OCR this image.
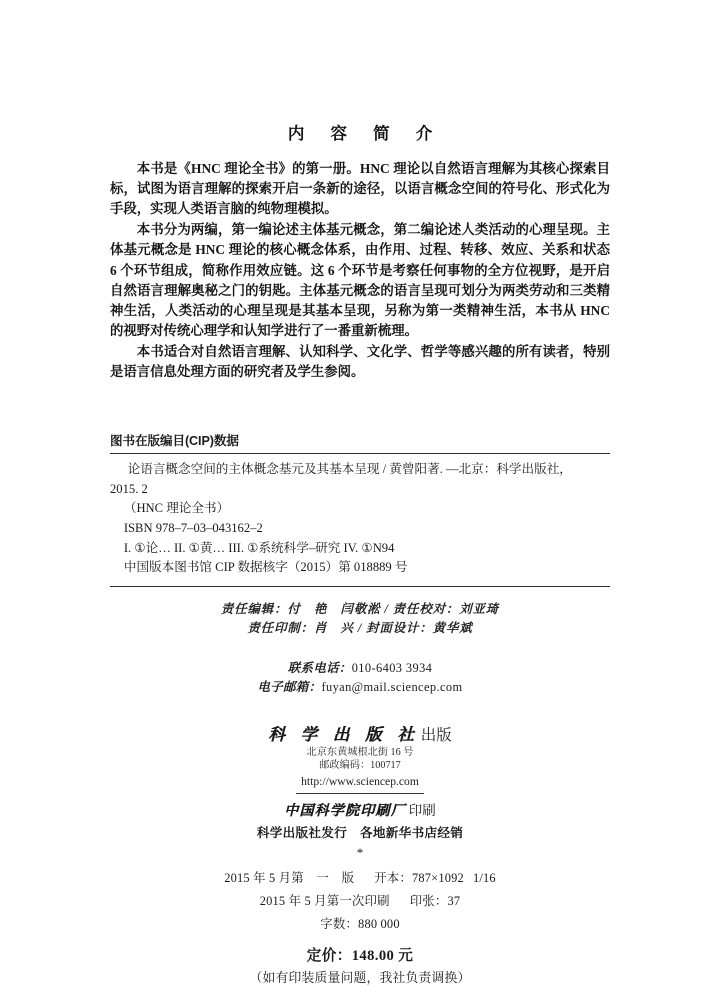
内 容 简 介

本书是《HNC 理论全书》的第一册。HNC 理论以自然语言理解为其核心探索目标，试图为语言理解的探索开启一条新的途径，以语言概念空间的符号化、形式化为手段，实现人类语言脑的纯物理模拟。

本书分为两编，第一编论述主体基元概念，第二编论述人类活动的心理呈现。主体基元概念是 HNC 理论的核心概念体系，由作用、过程、转移、效应、关系和状态 6 个环节组成，简称作用效应链。这 6 个环节是考察任何事物的全方位视野，是开启自然语言理解奥秘之门的钥匙。主体基元概念的语言呈现可划分为两类劳动和三类精神生活，人类活动的心理呈现是其基本呈现，另称为第一类精神生活，本书从 HNC 的视野对传统心理学和认知学进行了一番重新梳理。

本书适合对自然语言理解、认知科学、文化学、哲学等感兴趣的所有读者，特别是语言信息处理方面的研究者及学生参阅。

图书在版编目(CIP)数据

论语言概念空间的主体概念基元及其基本呈现 / 黄曾阳著. —北京：科学出版社，

2015. 2

（HNC 理论全书）

ISBN 978–7–03–043162–2

I. ①论… II. ①黄… III. ①系统科学–研究 IV. ①N94

中国版本图书馆 CIP 数据核字（2015）第 018889 号

责任编辑：付　艳　闫敬淞 / 责任校对：刘亚琦
责任印制：肖　兴 / 封面设计：黄华斌
联系电话：010-6403 3934
电子邮箱：fuyan@mail.sciencep.com
科 学 出 版 社 出版
北京东黄城根北街 16 号
邮政编码：100717
http://www.sciencep.com
中国科学院印刷厂 印刷
科学出版社发行　各地新华书店经销
*
2015 年 5 月第　一　版 开本：787×1092 1/16
2015 年 5 月第一次印刷 印张：37
字数：880 000
定价：148.00 元
（如有印装质量问题，我社负责调换）
